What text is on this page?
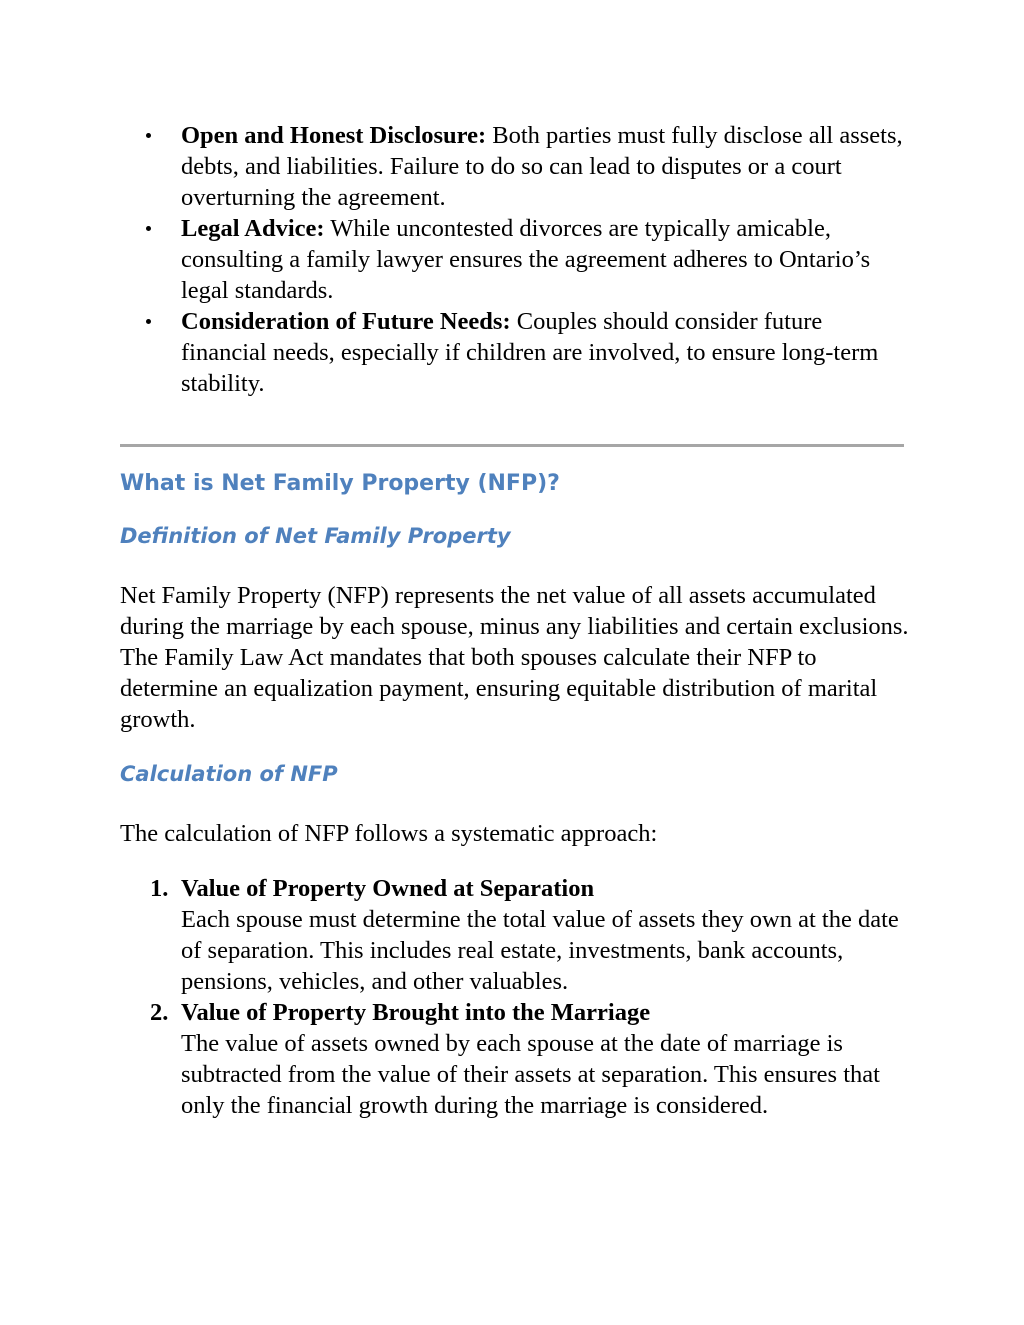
Open and Honest Disclosure: Both parties must fully disclose all assets, debts, and liabilities. Failure to do so can lead to disputes or a court overturning the agreement.
Legal Advice: While uncontested divorces are typically amicable, consulting a family lawyer ensures the agreement adheres to Ontario’s legal standards.
Consideration of Future Needs: Couples should consider future financial needs, especially if children are involved, to ensure long-term stability.
What is Net Family Property (NFP)?
Definition of Net Family Property

Net Family Property (NFP) represents the net value of all assets accumulated during the marriage by each spouse, minus any liabilities and certain exclusions. The Family Law Act mandates that both spouses calculate their NFP to determine an equalization payment, ensuring equitable distribution of marital growth.

Calculation of NFP

The calculation of NFP follows a systematic approach:

1. Value of Property Owned at Separation
Each spouse must determine the total value of assets they own at the date of separation. This includes real estate, investments, bank accounts, pensions, vehicles, and other valuables.
2. Value of Property Brought into the Marriage
The value of assets owned by each spouse at the date of marriage is subtracted from the value of their assets at separation. This ensures that only the financial growth during the marriage is considered.
